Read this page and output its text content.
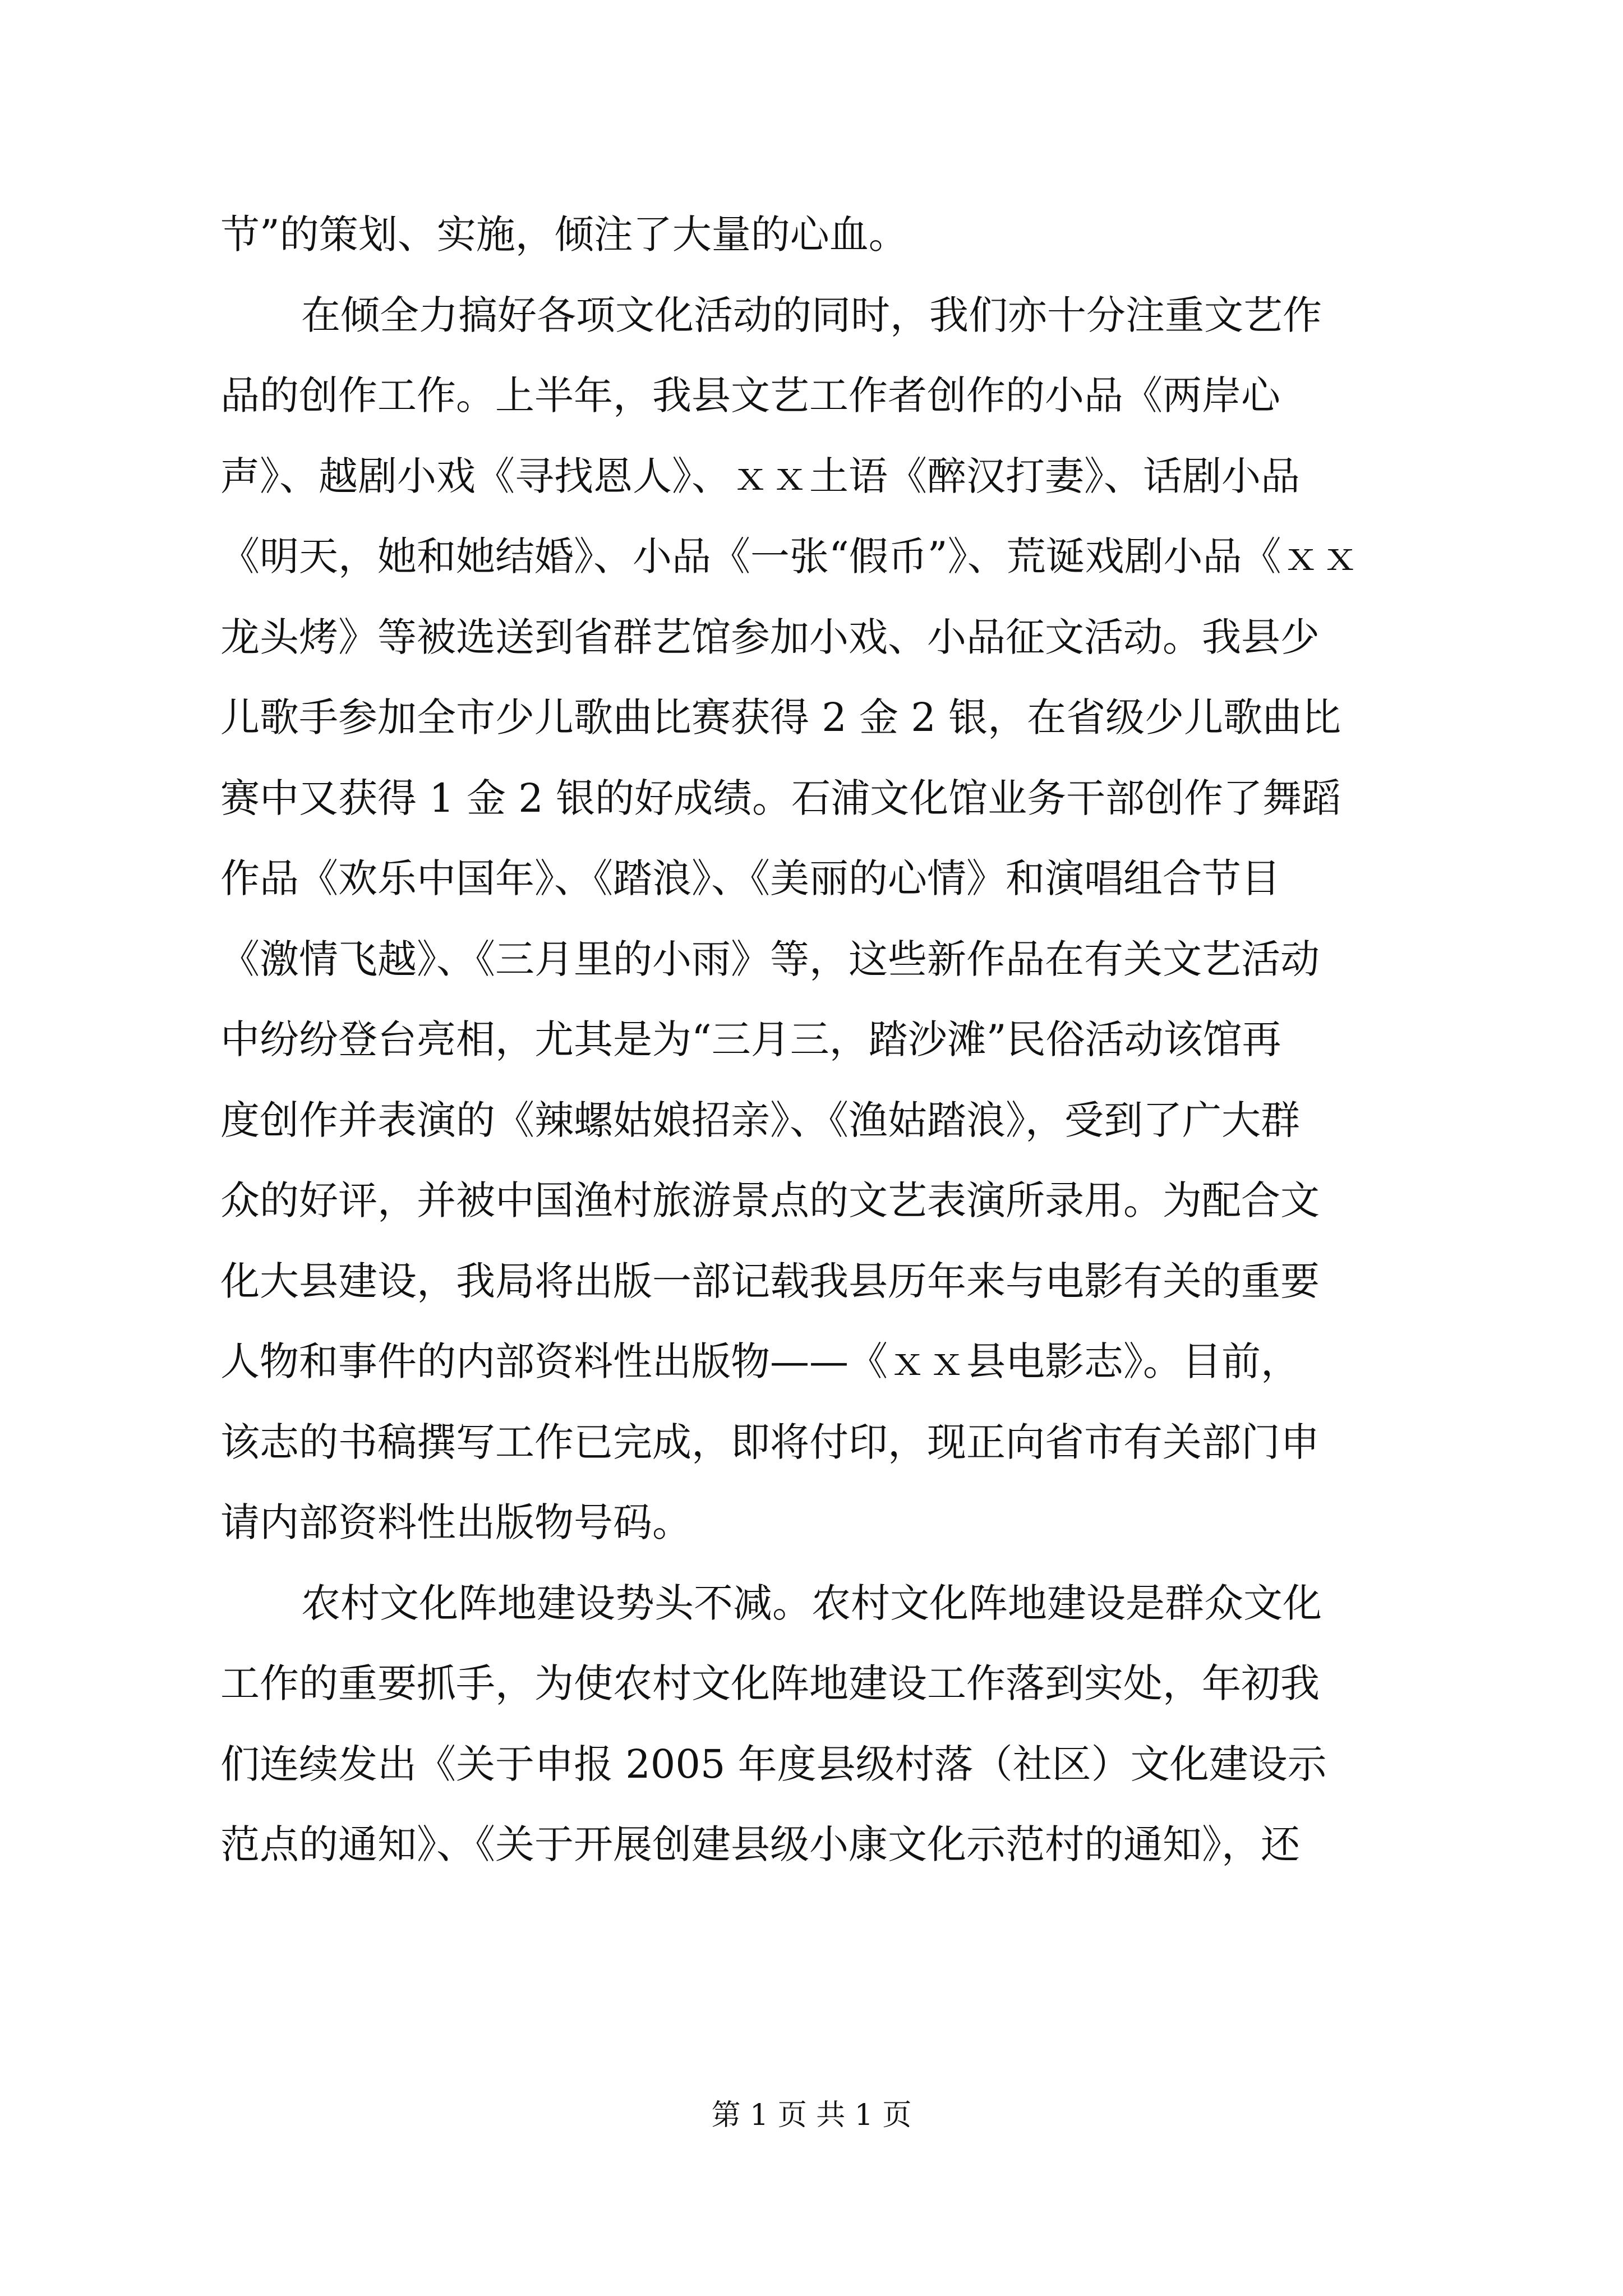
节”的策划、实施，倾注了大量的心血。
在倾全力搞好各项文化活动的同时，我们亦十分注重文艺作
品的创作工作。上半年，我县文艺工作者创作的小品《两岸心
声》、越剧小戏《寻找恩人》、ｘｘ土语《醉汉打妻》、话剧小品
《明天，她和她结婚》、小品《一张“假币”》、荒诞戏剧小品《ｘｘ
龙头烤》等被选送到省群艺馆参加小戏、小品征文活动。我县少
儿歌手参加全市少儿歌曲比赛获得 2 金 2 银，在省级少儿歌曲比
赛中又获得 1 金 2 银的好成绩。石浦文化馆业务干部创作了舞蹈
作品《欢乐中国年》、《踏浪》、《美丽的心情》和演唱组合节目
《激情飞越》、《三月里的小雨》等，这些新作品在有关文艺活动
中纷纷登台亮相，尤其是为“三月三，踏沙滩”民俗活动该馆再
度创作并表演的《辣螺姑娘招亲》、《渔姑踏浪》，受到了广大群
众的好评，并被中国渔村旅游景点的文艺表演所录用。为配合文
化大县建设，我局将出版一部记载我县历年来与电影有关的重要
人物和事件的内部资料性出版物——《ｘｘ县电影志》。目前，
该志的书稿撰写工作已完成，即将付印，现正向省市有关部门申
请内部资料性出版物号码。
农村文化阵地建设势头不减。农村文化阵地建设是群众文化
工作的重要抓手，为使农村文化阵地建设工作落到实处，年初我
们连续发出《关于申报 2005 年度县级村落（社区）文化建设示
范点的通知》、《关于开展创建县级小康文化示范村的通知》，还
第 1 页 共 1 页
